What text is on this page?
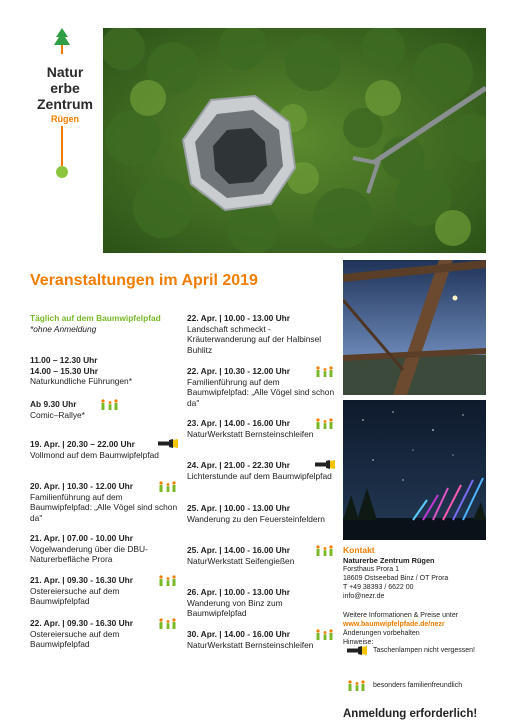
Natur
erbe
Zentrum
Rügen
Veranstaltungen im April 2019
Täglich auf dem Baumwipfelpfad
*ohne Anmeldung
11.00 – 12.30 Uhr
14.00 – 15.30 Uhr
Naturkundliche Führungen*
Ab 9.30 Uhr
Comic–Rallye*
19. Apr. | 20.30 – 22.00 Uhr
Vollmond auf dem Baumwipfelpfad
20. Apr. | 10.30 - 12.00 Uhr
Familienführung auf dem Baumwipfelpfad: „Alle Vögel sind schon da"
21. Apr. | 07.00 - 10.00 Uhr
Vogelwanderung über die DBU-Naturerbefläche Prora
21. Apr. | 09.30 - 16.30 Uhr
Ostereiersuche auf dem Baumwipfelpfad
22. Apr. | 09.30 - 16.30 Uhr
Ostereiersuche auf dem Baumwipfelpfad
22. Apr. | 10.00 - 13.00 Uhr
Landschaft schmeckt - Kräuterwanderung auf der Halbinsel Buhlitz
22. Apr. | 10.30 - 12.00 Uhr
Familienführung auf dem Baumwipfelpfad: „Alle Vögel sind schon da"
23. Apr. | 14.00 - 16.00 Uhr
NaturWerkstatt Bernsteinschleifen
24. Apr. | 21.00 - 22.30 Uhr
Lichterstunde auf dem Baumwipfelpfad
25. Apr. | 10.00 - 13.00 Uhr
Wanderung zu den Feuersteinfeldern
25. Apr. | 14.00 - 16.00 Uhr
NaturWerkstatt Seifengießen
26. Apr. | 10.00 - 13.00 Uhr
Wanderung von Binz zum Baumwipfelpfad
30. Apr. | 14.00 - 16.00 Uhr
NaturWerkstatt Bernsteinschleifen
Kontakt
Naturerbe Zentrum Rügen
Forsthaus Prora 1
18609 Ostseebad Binz / OT Prora
T +49 38393 / 6622 00
info@nezr.de
Weitere Informationen & Preise unter
www.baumwipfelpfade.de/nezr
Änderungen vorbehalten
Hinweise:
Taschenlampen nicht vergessen!
besonders familienfreundlich
Anmeldung erforderlich!
